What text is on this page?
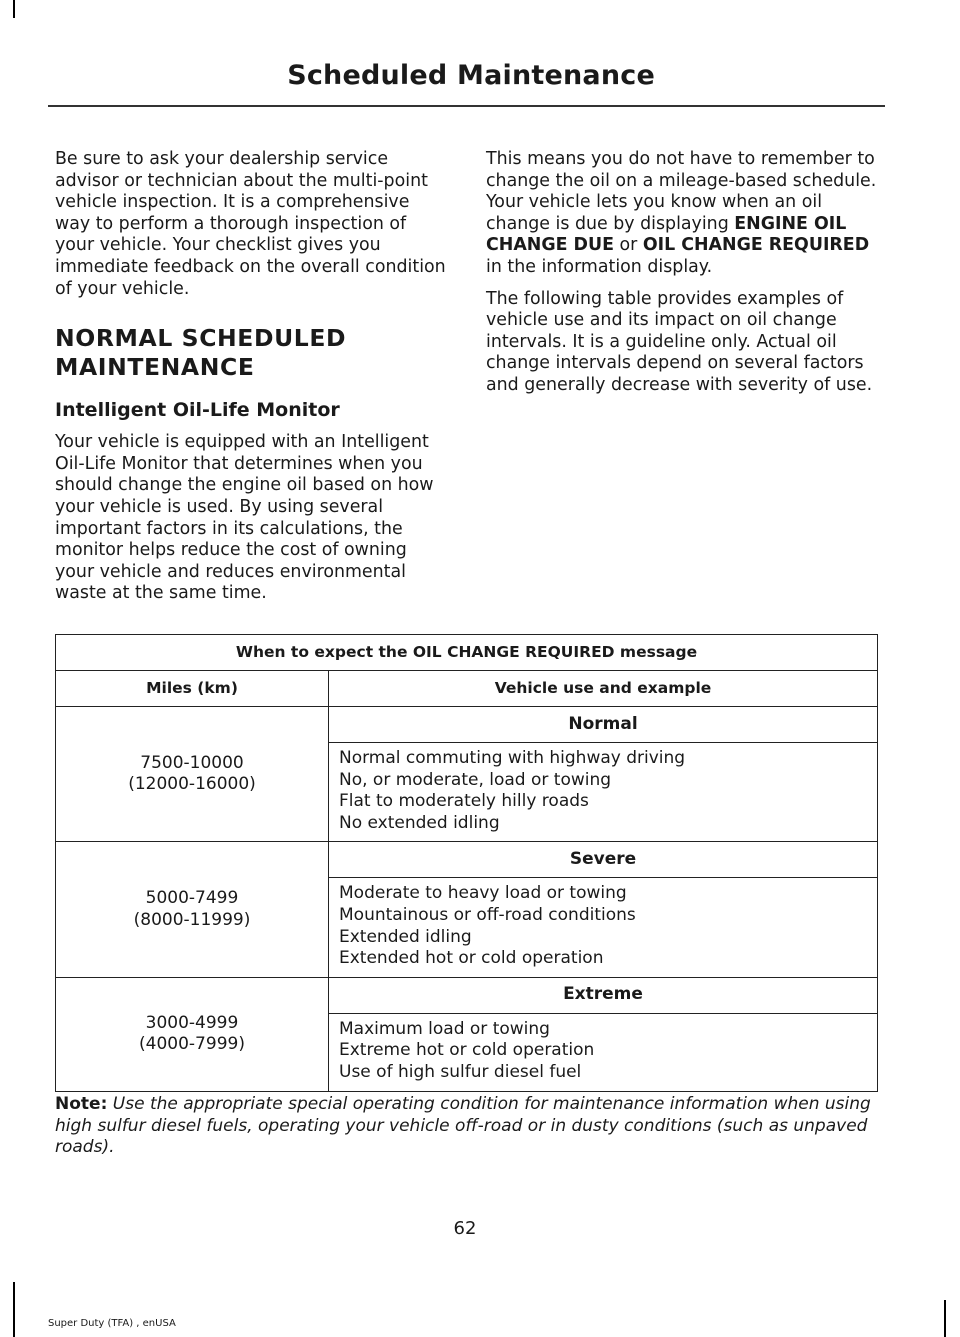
Scheduled Maintenance

Be sure to ask your dealership service advisor or technician about the multi-point vehicle inspection. It is a comprehensive way to perform a thorough inspection of your vehicle. Your checklist gives you immediate feedback on the overall condition of your vehicle.

NORMAL SCHEDULED
MAINTENANCE
Intelligent Oil-Life Monitor

Your vehicle is equipped with an Intelligent Oil-Life Monitor that determines when you should change the engine oil based on how your vehicle is used. By using several important factors in its calculations, the monitor helps reduce the cost of owning your vehicle and reduces environmental waste at the same time.

This means you do not have to remember to change the oil on a mileage-based schedule. Your vehicle lets you know when an oil change is due by displaying ENGINE OIL CHANGE DUE or OIL CHANGE REQUIRED in the information display.

The following table provides examples of vehicle use and its impact on oil change intervals. It is a guideline only. Actual oil change intervals depend on several factors and generally decrease with severity of use.

When to expect the OIL CHANGE REQUIRED message	
Miles (km)	Vehicle use and example

7500-10000
(12000-16000)	Normal

	Normal commuting with highway driving
No, or moderate, load or towing
Flat to moderately hilly roads
No extended idling

5000-7499
(8000-11999)	Severe

	Moderate to heavy load or towing
Mountainous or off-road conditions
Extended idling
Extended hot or cold operation

3000-4999
(4000-7999)	Extreme

	Maximum load or towing
Extreme hot or cold operation
Use of high sulfur diesel fuel
Note: Use the appropriate special operating condition for maintenance information when using high sulfur diesel fuels, operating your vehicle off-road or in dusty conditions (such as unpaved roads).
62
Super Duty (TFA) , enUSA
